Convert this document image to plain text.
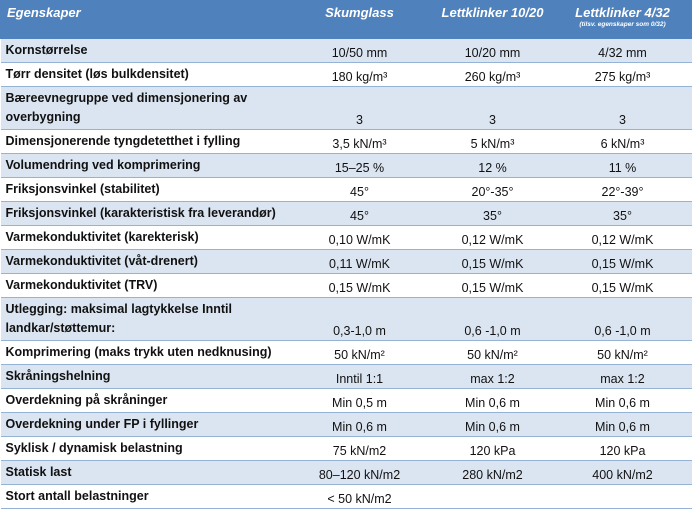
Egenskaper	Skumglass	Lettklinker 10/20	Lettklinker 4/32
(tilsv. egenskaper som 0/32)

Kornstørrelse	10/50 mm	10/20 mm	4/32 mm
Tørr densitet (løs bulkdensitet)	180 kg/m³	260 kg/m³	275 kg/m³
Bæreevnegruppe ved dimensjonering av overbygning	3	3	3
Dimensjonerende tyngdetetthet i fylling	3,5 kN/m³	5 kN/m³	6 kN/m³
Volumendring ved komprimering	15–25 %	12 %	11 %
Friksjonsvinkel (stabilitet)	45°	20°-35°	22°-39°
Friksjonsvinkel (karakteristisk fra leverandør)	45°	35°	35°
Varmekonduktivitet (karekterisk)	0,10 W/mK	0,12 W/mK	0,12 W/mK
Varmekonduktivitet (våt-drenert)	0,11 W/mK	0,15 W/mK	0,15 W/mK
Varmekonduktivitet (TRV)	0,15 W/mK	0,15 W/mK	0,15 W/mK
Utlegging: maksimal lagtykkelse Inntil landkar/støttemur:	0,3-1,0 m	0,6 -1,0 m	0,6 -1,0 m
Komprimering (maks trykk uten nedknusing)	50 kN/m²	50 kN/m²	50 kN/m²
Skråningshelning	Inntil 1:1	max 1:2	max 1:2
Overdekning på skråninger	Min 0,5 m	Min 0,6 m	Min 0,6 m
Overdekning under FP i fyllinger	Min 0,6 m	Min 0,6 m	Min 0,6 m
Syklisk / dynamisk belastning	75 kN/m2	120 kPa	120 kPa
Statisk last	80–120 kN/m2	280 kN/m2	400 kN/m2
Stort antall belastninger	< 50 kN/m2		
